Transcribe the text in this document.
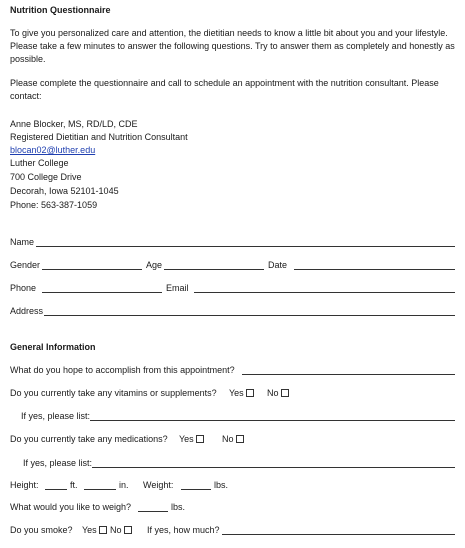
Nutrition Questionnaire
To give you personalized care and attention, the dietitian needs to know a little bit about you and your lifestyle.
Please take a few minutes to answer the following questions. Try to answer them as completely and honestly as
possible.
Please complete the questionnaire and call to schedule an appointment with the nutrition consultant. Please
contact:
Anne Blocker, MS, RD/LD, CDE
Registered Dietitian and Nutrition Consultant
blocan02@luther.edu
Luther College
700 College Drive
Decorah, Iowa 52101-1045
Phone: 563-387-1059
Name
Gender	Age	Date
Phone	Email
Address
General Information
What do you hope to accomplish from this appointment?
Do you currently take any vitamins or supplements? Yes	No
If yes, please list:
Do you currently take any medications? Yes	No
If yes, please list:
Height:	ft.	in. Weight:	lbs.
What would you like to weigh?	lbs.
Do you smoke? Yes	No	If yes, how much?
